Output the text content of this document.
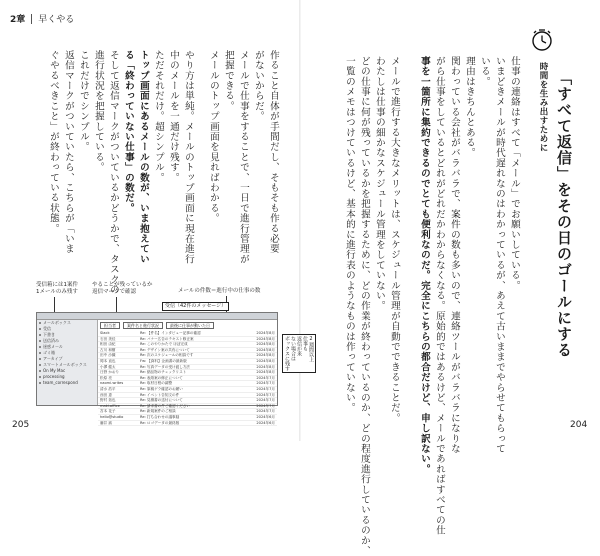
2章 早くやる
時間を生み出すために 「すべて返信」をその日のゴールにする
仕事の連絡はすべて「メール」でお願いしている。
いまどきメールが時代遅れなのはわかっているが、あえて古いままでやらせてもらって
いる。
理由はきちんとある。
関わっている会社がバラバラで、案件の数も多いので、連絡ツールがバラバラになりな
がら仕事をしているとどれがどれだかわからなくなる。原始的ではあるけど、メールであればすべての仕
事を一箇所に集約できるのでとても便利なのだ。完全にこちらの都合だけど、申し訳ない。
メールで進行する大きなメリットは、スケジュール管理が自動でできることだ。
わたしは仕事の細かなスケジュール管理をしていない。
どの仕事に何が残っているかを把握するために、どの作業が終わっているのか、どの程度進行しているのか、
一覧のメモはつけているけど、基本的に進行表のようなものは作っていない。
作ること自体が手間だし、そもそも作る必要
がないからだ。
メールで仕事をすることで、一日で進行管理が
把握できる。
メールのトップ画面を見ればわかる。
やり方は単純。メールのトップ画面に現在進行
中のメールを一通だけ残す。
ただそれだけ。超シンプル。
トップ画面にあるメールの数が、いま抱えてい
る「終わっていない仕事」の数だ。
そして返信マークがついているかどうかで、タスクの
進行状況を把握している。
これだけでシンプル。
返信マークがついていたら、こちらが「いま
ぐやるべきこと」が終わっている状態。
受信箱には1案件
1メールのみ残す
やることが残っているか
返信マークで確認	メールの件数＝進行中の仕事の数
メールボックス
受信
下書き
送信済み
迷惑メール
ゴミ箱
アーカイブ
スマートメールボックス
On My Mac
processing
team_correspond
担当者	案件名と進行状況	最後に仕事が動いた日
Slack	Re: 【件名】インタビュー記事の確認	2024年8月
石田 美佳	Re: バナー広告のテキスト修正案	2024年8月
相田 由紀	Re: このやりかたで ほぼ完成	2024年8月
古川 和樹	Re: デザイン案の共有について	2024年8月
田中 沙織	Re: 次のスケジュールの相談です	2024年8月
岡本 直也	Fw: 【資料】企画書の最新版	2024年8月
小澤 健太	Re: 写真データの受け渡し方法	2024年8月
日野 かおり	Re: 納品物のチェックリスト	2024年8月
松原 亮	Re: 表紙案の修正について	2024年7月
naomi.writes	Re: 取材日程の調整	2024年7月
清水 浩平	Re: 原稿ゲラ確認のお願い	2024年7月
西田 恵	Re: イベント告知文の件	2024年7月
野村 拓也	Re: 見積書の送付について	2024年7月
maki.office	Re: 請求書の件ご確認ください	2024年7月
宮本 花子	Re: 新規案件のご相談	2024年7月
hello@studio	Re: 打ち合わせの議事録	2024年6月
藤井 誠	Re: ロゴデータの最終版	2024年6月
受信（42件のメッセージ）
2週間以上
仕事も
返信が来
ない場合は
ボックスに残す
205	204
